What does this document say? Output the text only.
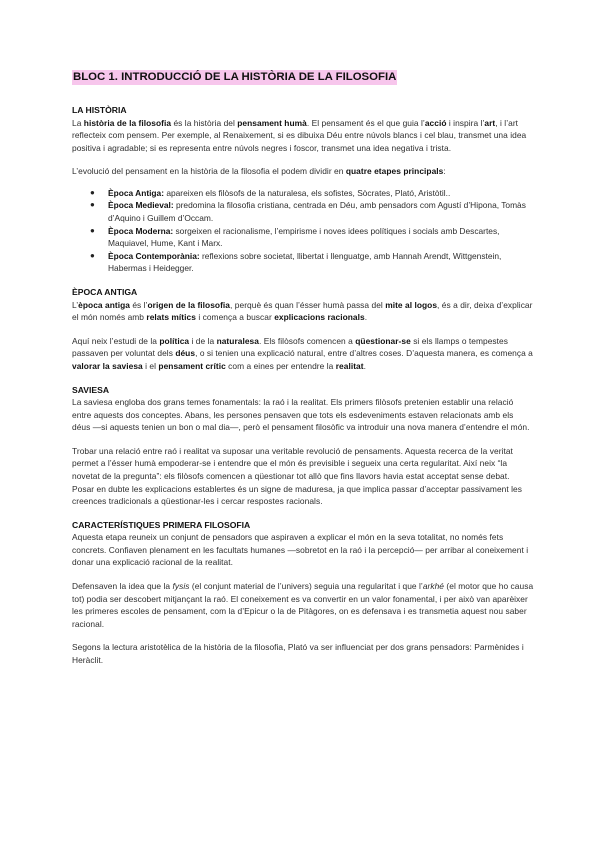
BLOC 1. INTRODUCCIÓ DE LA HISTÒRIA DE LA FILOSOFIA
LA HISTÒRIA

La història de la filosofia és la història del pensament humà. El pensament és el que guia l’acció i inspira l’art, i l’art reflecteix com pensem. Per exemple, al Renaixement, si es dibuixa Déu entre núvols blancs i cel blau, transmet una idea positiva i agradable; si es representa entre núvols negres i foscor, transmet una idea negativa i trista.

L’evolució del pensament en la història de la filosofia el podem dividir en quatre etapes principals:

● Època Antiga: apareixen els filòsofs de la naturalesa, els sofistes, Sòcrates, Plató, Aristòtil..
● Època Medieval: predomina la filosofia cristiana, centrada en Déu, amb pensadors com Agustí d’Hipona, Tomàs d’Aquino i Guillem d’Occam.
● Època Moderna: sorgeixen el racionalisme, l’empirisme i noves idees polítiques i socials amb Descartes, Maquiavel, Hume, Kant i Marx.
● Època Contemporània: reflexions sobre societat, llibertat i llenguatge, amb Hannah Arendt, Wittgenstein, Habermas i Heidegger.
ÈPOCA ANTIGA

L’època antiga és l’origen de la filosofia, perquè és quan l’ésser humà passa del mite al logos, és a dir, deixa d’explicar el món només amb relats mítics i comença a buscar explicacions racionals.

Aquí neix l’estudi de la política i de la naturalesa. Els filòsofs comencen a qüestionar-se si els llamps o tempestes passaven per voluntat dels déus, o si tenien una explicació natural, entre d’altres coses. D’aquesta manera, es comença a valorar la saviesa i el pensament crític com a eines per entendre la realitat.

SAVIESA

La saviesa engloba dos grans temes fonamentals: la raó i la realitat. Els primers filòsofs pretenien establir una relació entre aquests dos conceptes. Abans, les persones pensaven que tots els esdeveniments estaven relacionats amb els déus —si aquests tenien un bon o mal dia—, però el pensament filosòfic va introduir una nova manera d’entendre el món.

Trobar una relació entre raó i realitat va suposar una veritable revolució de pensaments. Aquesta recerca de la veritat permet a l’ésser humà empoderar-se i entendre que el món és previsible i segueix una certa regularitat. Així neix “la novetat de la pregunta”: els filòsofs comencen a qüestionar tot allò que fins llavors havia estat acceptat sense debat. Posar en dubte les explicacions establertes és un signe de maduresa, ja que implica passar d’acceptar passivament les creences tradicionals a qüestionar-les i cercar respostes racionals.

CARACTERÍSTIQUES PRIMERA FILOSOFIA

Aquesta etapa reuneix un conjunt de pensadors que aspiraven a explicar el món en la seva totalitat, no només fets concrets. Confiaven plenament en les facultats humanes —sobretot en la raó i la percepció— per arribar al coneixement i donar una explicació racional de la realitat.

Defensaven la idea que la fysis (el conjunt material de l’univers) seguia una regularitat i que l’arkhé (el motor que ho causa tot) podia ser descobert mitjançant la raó. El coneixement es va convertir en un valor fonamental, i per això van aparèixer les primeres escoles de pensament, com la d’Epicur o la de Pitàgores, on es defensava i es transmetia aquest nou saber racional.

Segons la lectura aristotèlica de la història de la filosofia, Plató va ser influenciat per dos grans pensadors: Parmènides i Heràclit.
